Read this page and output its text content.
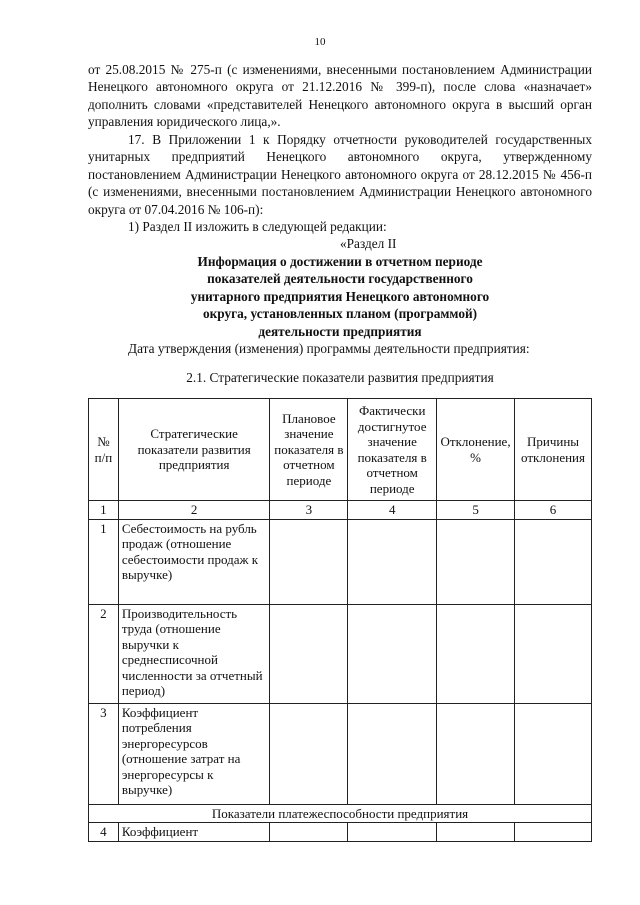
10
от 25.08.2015 № 275-п (с изменениями, внесенными постановлением Администрации Ненецкого автономного округа от 21.12.2016 № 399-п), после слова «назначает» дополнить словами «представителей Ненецкого автономного округа в высший орган управления юридического лица,».
17. В Приложении 1 к Порядку отчетности руководителей государственных унитарных предприятий Ненецкого автономного округа, утвержденному постановлением Администрации Ненецкого автономного округа от 28.12.2015 № 456-п (с изменениями, внесенными постановлением Администрации Ненецкого автономного округа от 07.04.2016 № 106-п):
1) Раздел II изложить в следующей редакции:
«Раздел II
Информация о достижении в отчетном периоде
показателей деятельности государственного
унитарного предприятия Ненецкого автономного
округа, установленных планом (программой)
деятельности предприятия
Дата утверждения (изменения) программы деятельности предприятия:
2.1. Стратегические показатели развития предприятия
№ п/п	Стратегические показатели развития предприятия	Плановое значение показателя в отчетном периоде	Фактически достигнутое значение показателя в отчетном периоде	Отклонение, %	Причины отклонения
1	2	3	4	5	6
1	Себестоимость на рубль продаж (отношение себестоимости продаж к выручке)				
2	Производительность труда (отношение выручки к среднесписочной численности за отчетный период)				
3	Коэффициент потребления энергоресурсов (отношение затрат на энергоресурсы к выручке)				
Показатели платежеспособности предприятия					
4	Коэффициент				
